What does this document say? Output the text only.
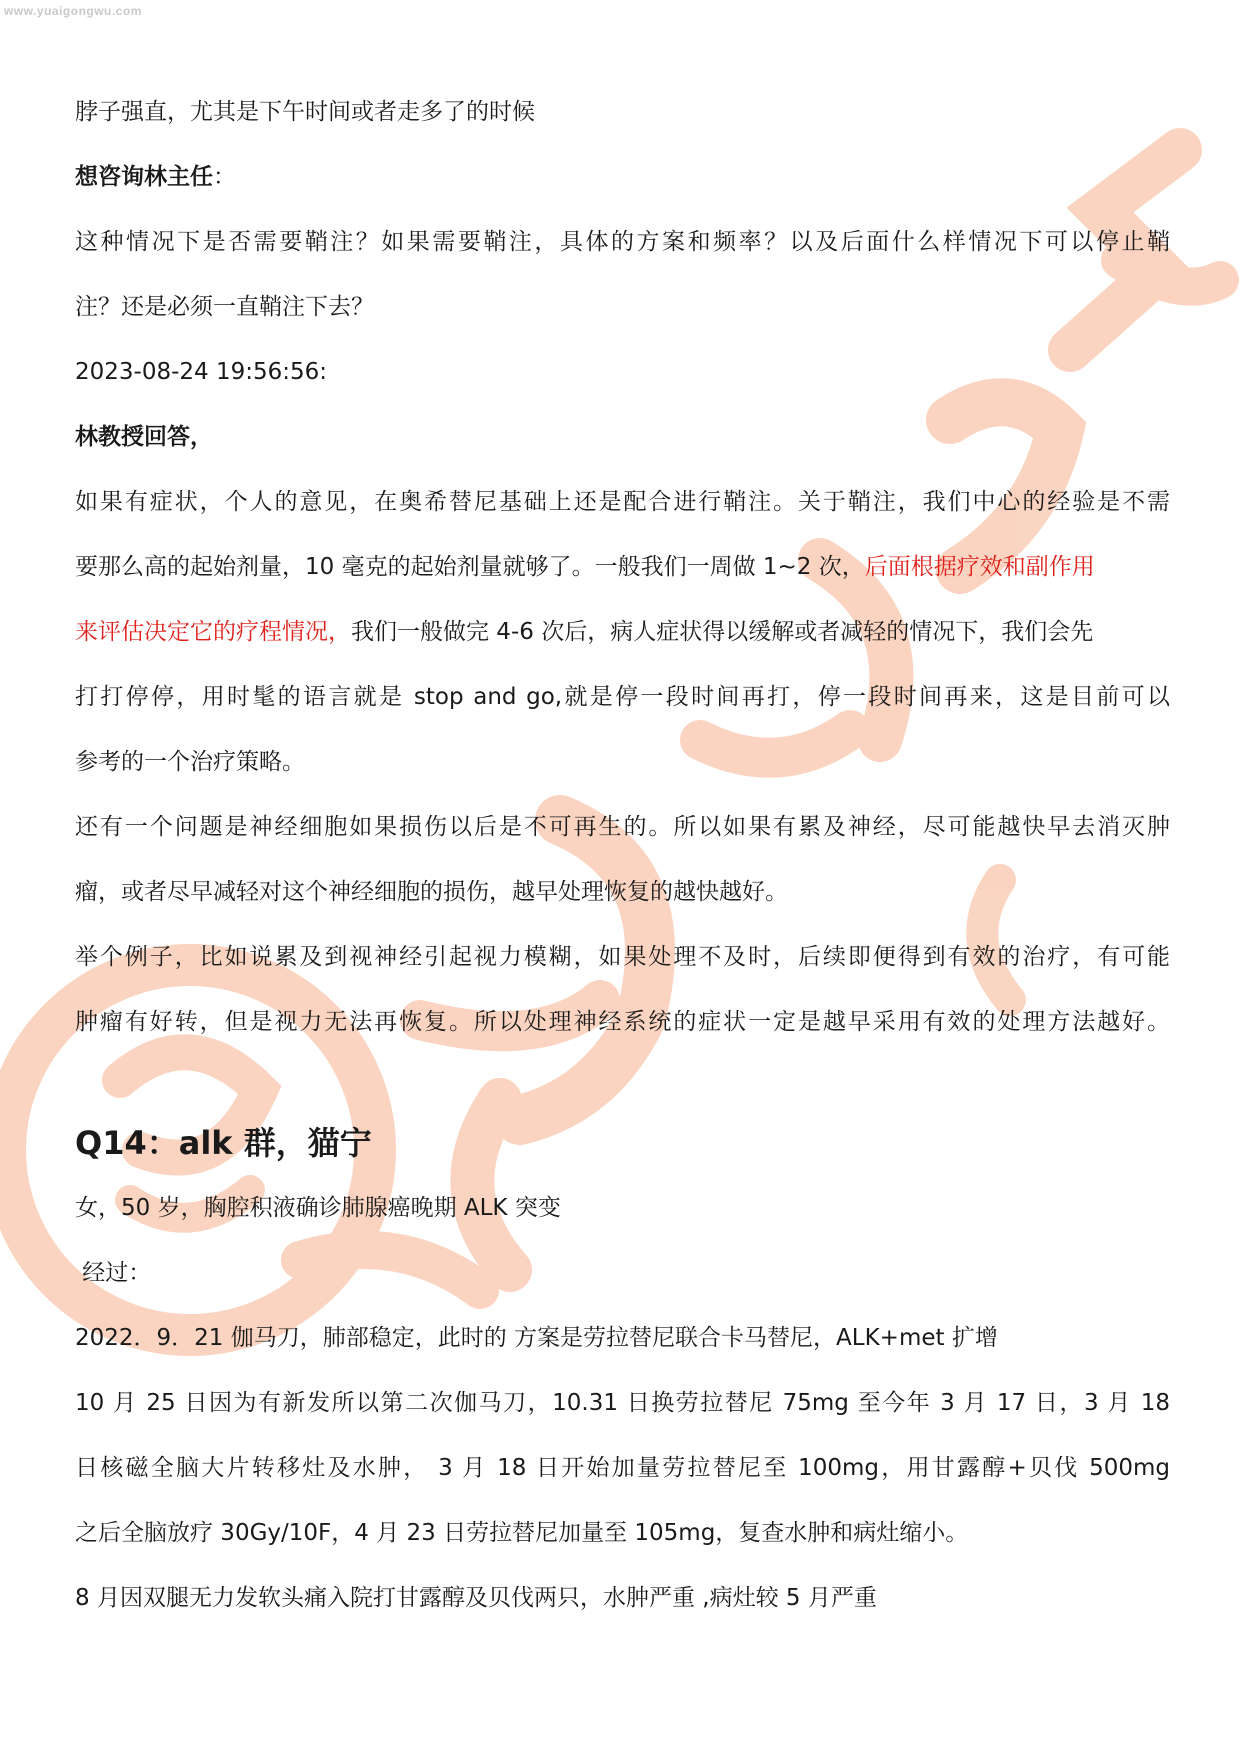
www.yuaigongwu.com
脖子强直，尤其是下午时间或者走多了的时候
想咨询林主任：
这种情况下是否需要鞘注？如果需要鞘注，具体的方案和频率？以及后面什么样情况下可以停止鞘
注？还是必须一直鞘注下去？
2023-08-24 19:56:56:
林教授回答，
如果有症状，个人的意见，在奥希替尼基础上还是配合进行鞘注。关于鞘注，我们中心的经验是不需
要那么高的起始剂量，10 毫克的起始剂量就够了。一般我们一周做 1~2 次，后面根据疗效和副作用
来评估决定它的疗程情况，我们一般做完 4-6 次后，病人症状得以缓解或者减轻的情况下，我们会先
打打停停，用时髦的语言就是 stop and go,就是停一段时间再打，停一段时间再来，这是目前可以
参考的一个治疗策略。
还有一个问题是神经细胞如果损伤以后是不可再生的。所以如果有累及神经，尽可能越快早去消灭肿
瘤，或者尽早减轻对这个神经细胞的损伤，越早处理恢复的越快越好。
举个例子，比如说累及到视神经引起视力模糊，如果处理不及时，后续即便得到有效的治疗，有可能
肿瘤有好转，但是视力无法再恢复。所以处理神经系统的症状一定是越早采用有效的处理方法越好。
Q14：alk 群，猫宁
女，50 岁，胸腔积液确诊肺腺癌晚期 ALK 突变
经过：
2022．9．21 伽马刀，肺部稳定，此时的 方案是劳拉替尼联合卡马替尼，ALK+met 扩增
10 月 25 日因为有新发所以第二次伽马刀，10.31 日换劳拉替尼 75mg 至今年 3 月 17 日，3 月 18
日核磁全脑大片转移灶及水肿， 3 月 18 日开始加量劳拉替尼至 100mg，用甘露醇+贝伐 500mg
之后全脑放疗 30Gy/10F，4 月 23 日劳拉替尼加量至 105mg，复查水肿和病灶缩小。
8 月因双腿无力发软头痛入院打甘露醇及贝伐两只，水肿严重 ,病灶较 5 月严重
